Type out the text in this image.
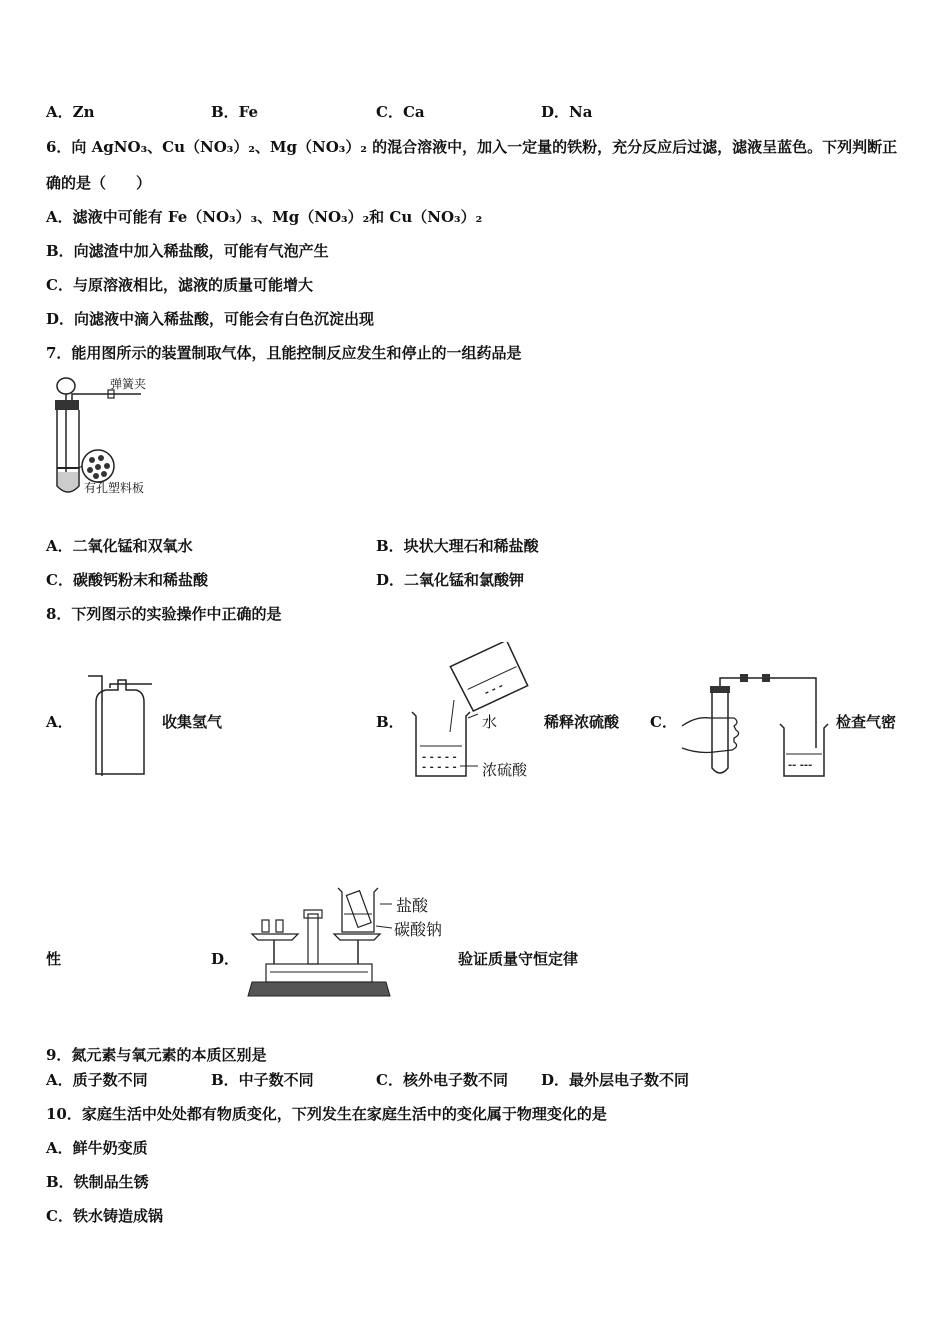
A．Zn	B．Fe	C．Ca	D．Na
6．向 AgNO₃、Cu（NO₃）₂、Mg（NO₃）₂ 的混合溶液中，加入一定量的铁粉，充分反应后过滤，滤液呈蓝色。下列判断正
确的是（　　）
A．滤液中可能有 Fe（NO₃）₃、Mg（NO₃）₂和 Cu（NO₃）₂
B．向滤渣中加入稀盐酸，可能有气泡产生
C．与原溶液相比，滤液的质量可能增大
D．向滤液中滴入稀盐酸，可能会有白色沉淀出现
7．能用图所示的装置制取气体，且能控制反应发生和停止的一组药品是
弹簧夹
有孔塑料板
A．二氧化锰和双氧水	B．块状大理石和稀盐酸
C．碳酸钙粉末和稀盐酸	D．二氧化锰和氯酸钾
8．下列图示的实验操作中正确的是
A．	收集氢气	B．
- - -
- - - - -
- - - - -
水
浓硫酸
稀释浓硫酸 C．
-- ---
检查气密
性	D．
盐酸
碳酸钠
验证质量守恒定律
9．氮元素与氧元素的本质区别是
A．质子数不同	B．中子数不同	C．核外电子数不同 D．最外层电子数不同
10．家庭生活中处处都有物质变化，下列发生在家庭生活中的变化属于物理变化的是
A．鲜牛奶变质
B．铁制品生锈
C．铁水铸造成锅
